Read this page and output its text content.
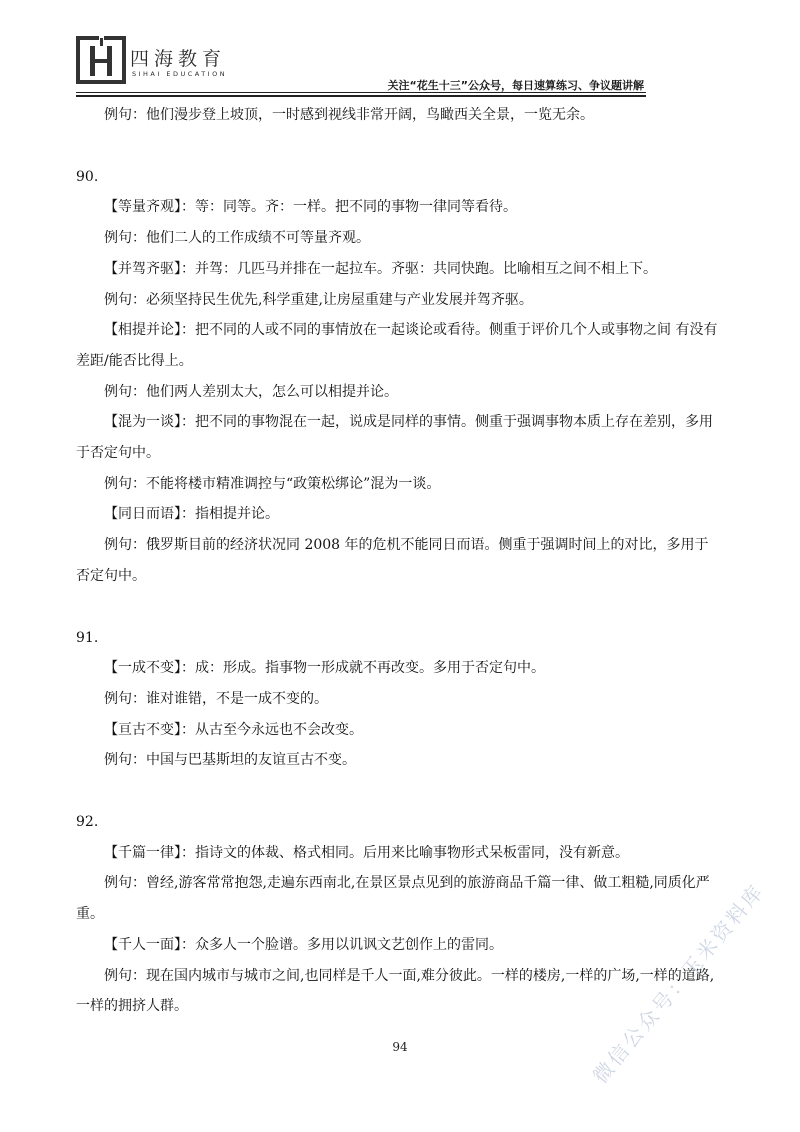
四海教育
SIHAI EDUCATION
关注“花生十三”公众号，每日速算练习、争议题讲解
例句：他们漫步登上坡顶，一时感到视线非常开阔，鸟瞰西关全景，一览无余。
90.
【等量齐观】：等：同等。齐：一样。把不同的事物一律同等看待。
例句：他们二人的工作成绩不可等量齐观。
【并驾齐驱】：并驾：几匹马并排在一起拉车。齐驱：共同快跑。比喻相互之间不相上下。
例句：必须坚持民生优先,科学重建,让房屋重建与产业发展并驾齐驱。
【相提并论】：把不同的人或不同的事情放在一起谈论或看待。侧重于评价几个人或事物之间 有没有差距/能否比得上。
例句：他们两人差别太大，怎么可以相提并论。
【混为一谈】：把不同的事物混在一起，说成是同样的事情。侧重于强调事物本质上存在差别，多用于否定句中。
例句：不能将楼市精准调控与“政策松绑论”混为一谈。
【同日而语】：指相提并论。
例句：俄罗斯目前的经济状况同 2008 年的危机不能同日而语。侧重于强调时间上的对比，多用于否定句中。
91.
【一成不变】：成：形成。指事物一形成就不再改变。多用于否定句中。
例句：谁对谁错，不是一成不变的。
【亘古不变】：从古至今永远也不会改变。
例句：中国与巴基斯坦的友谊亘古不变。
92.
【千篇一律】：指诗文的体裁、格式相同。后用来比喻事物形式呆板雷同，没有新意。
例句：曾经,游客常常抱怨,走遍东西南北,在景区景点见到的旅游商品千篇一律、做工粗糙,同质化严重。
【千人一面】：众多人一个脸谱。多用以讥讽文艺创作上的雷同。
例句：现在国内城市与城市之间,也同样是千人一面,难分彼此。一样的楼房,一样的广场,一样的道路,一样的拥挤人群。
94	微信公众号：玉米资料库
